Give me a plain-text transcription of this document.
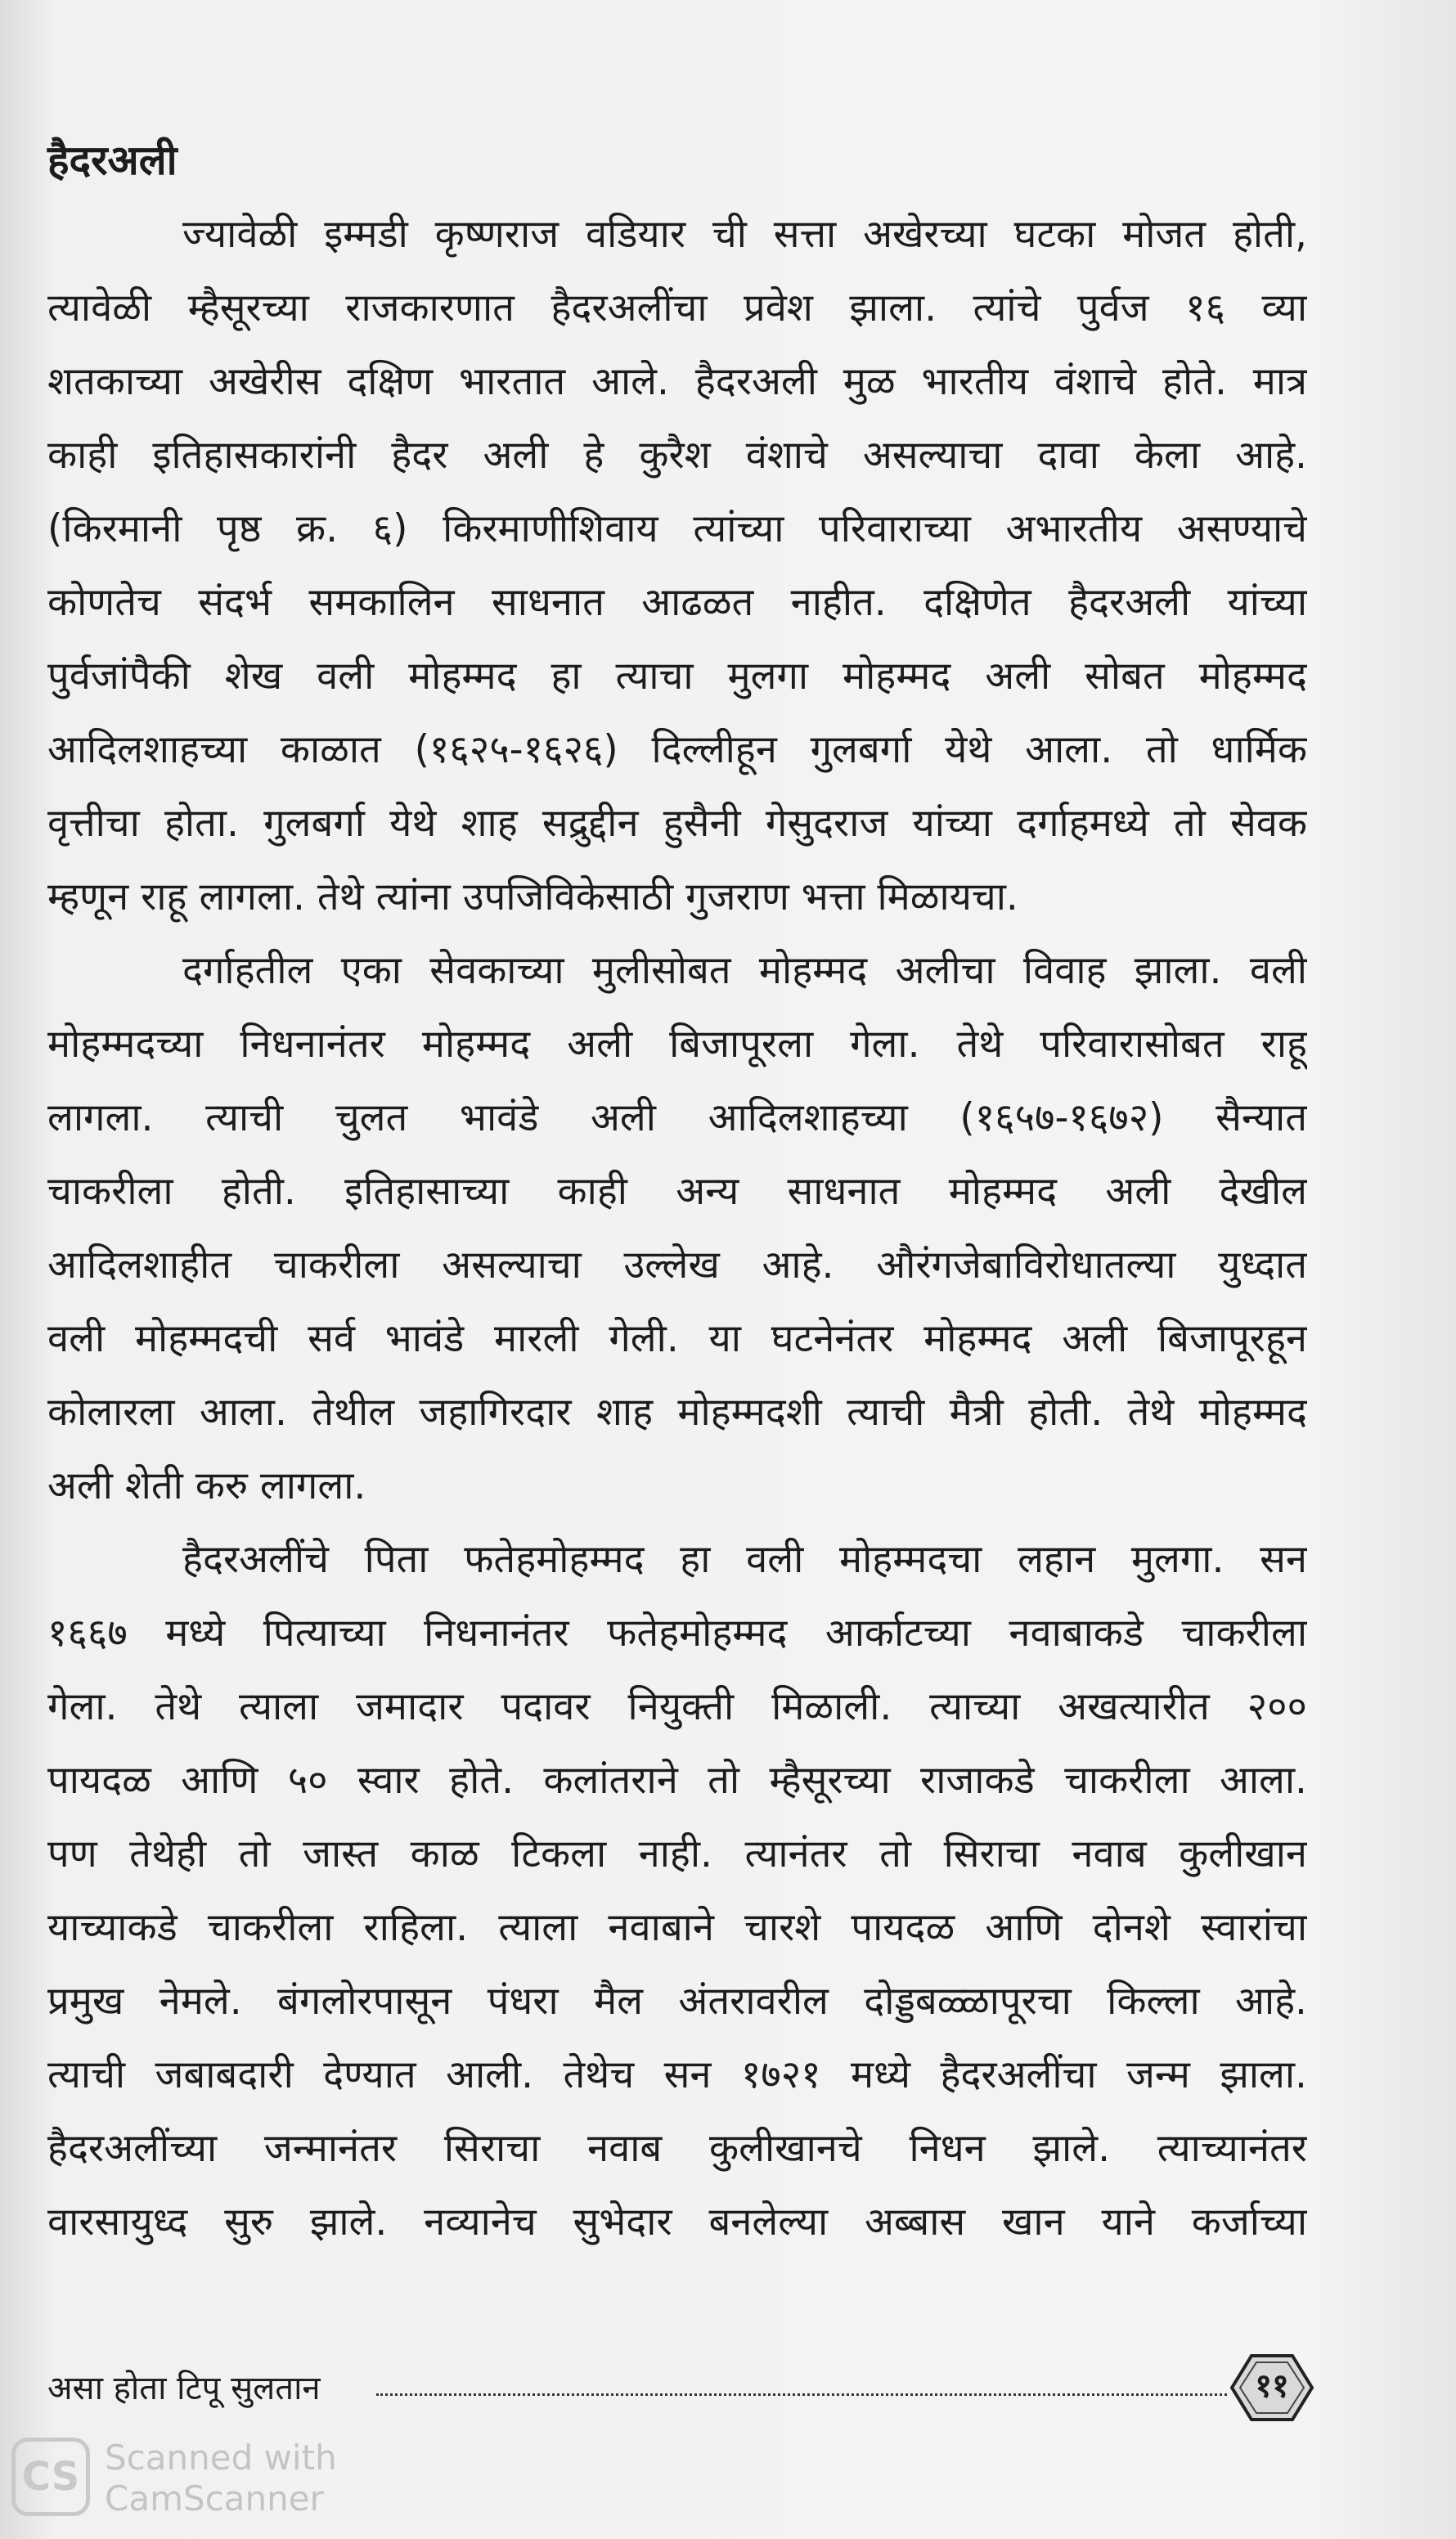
हैदरअली
ज्यावेळी इम्मडी कृष्णराज वडियार ची सत्ता अखेरच्या घटका मोजत होती,
त्यावेळी म्हैसूरच्या राजकारणात हैदरअलींचा प्रवेश झाला. त्यांचे पुर्वज १६ व्या
शतकाच्या अखेरीस दक्षिण भारतात आले. हैदरअली मुळ भारतीय वंशाचे होते. मात्र
काही इतिहासकारांनी हैदर अली हे कुरैश वंशाचे असल्याचा दावा केला आहे.
(किरमानी पृष्ठ क्र. ६) किरमाणीशिवाय त्यांच्या परिवाराच्या अभारतीय असण्याचे
कोणतेच संदर्भ समकालिन साधनात आढळत नाहीत. दक्षिणेत हैदरअली यांच्या
पुर्वजांपैकी शेख वली मोहम्मद हा त्याचा मुलगा मोहम्मद अली सोबत मोहम्मद
आदिलशाहच्या काळात (१६२५-१६२६) दिल्लीहून गुलबर्गा येथे आला. तो धार्मिक
वृत्तीचा होता. गुलबर्गा येथे शाह सद्रुद्दीन हुसैनी गेसुदराज यांच्या दर्गाहमध्ये तो सेवक
म्हणून राहू लागला. तेथे त्यांना उपजिविकेसाठी गुजराण भत्ता मिळायचा.
दर्गाहतील एका सेवकाच्या मुलीसोबत मोहम्मद अलीचा विवाह झाला. वली
मोहम्मदच्या निधनानंतर मोहम्मद अली बिजापूरला गेला. तेथे परिवारासोबत राहू
लागला. त्याची चुलत भावंडे अली आदिलशाहच्या (१६५७-१६७२) सैन्यात
चाकरीला होती. इतिहासाच्या काही अन्य साधनात मोहम्मद अली देखील
आदिलशाहीत चाकरीला असल्याचा उल्लेख आहे. औरंगजेबाविरोधातल्या युध्दात
वली मोहम्मदची सर्व भावंडे मारली गेली. या घटनेनंतर मोहम्मद अली बिजापूरहून
कोलारला आला. तेथील जहागिरदार शाह मोहम्मदशी त्याची मैत्री होती. तेथे मोहम्मद
अली शेती करु लागला.
हैदरअलींचे पिता फतेहमोहम्मद हा वली मोहम्मदचा लहान मुलगा. सन
१६६७ मध्ये पित्याच्या निधनानंतर फतेहमोहम्मद आर्काटच्या नवाबाकडे चाकरीला
गेला. तेथे त्याला जमादार पदावर नियुक्ती मिळाली. त्याच्या अखत्यारीत २००
पायदळ आणि ५० स्वार होते. कलांतराने तो म्हैसूरच्या राजाकडे चाकरीला आला.
पण तेथेही तो जास्त काळ टिकला नाही. त्यानंतर तो सिराचा नवाब कुलीखान
याच्याकडे चाकरीला राहिला. त्याला नवाबाने चारशे पायदळ आणि दोनशे स्वारांचा
प्रमुख नेमले. बंगलोरपासून पंधरा मैल अंतरावरील दोड्डबळ्ळापूरचा किल्ला आहे.
त्याची जबाबदारी देण्यात आली. तेथेच सन १७२१ मध्ये हैदरअलींचा जन्म झाला.
हैदरअलींच्या जन्मानंतर सिराचा नवाब कुलीखानचे निधन झाले. त्याच्यानंतर
वारसायुध्द सुरु झाले. नव्यानेच सुभेदार बनलेल्या अब्बास खान याने कर्जाच्या
असा होता टिपू सुलतान	११
CS Scanned with
CamScanner
